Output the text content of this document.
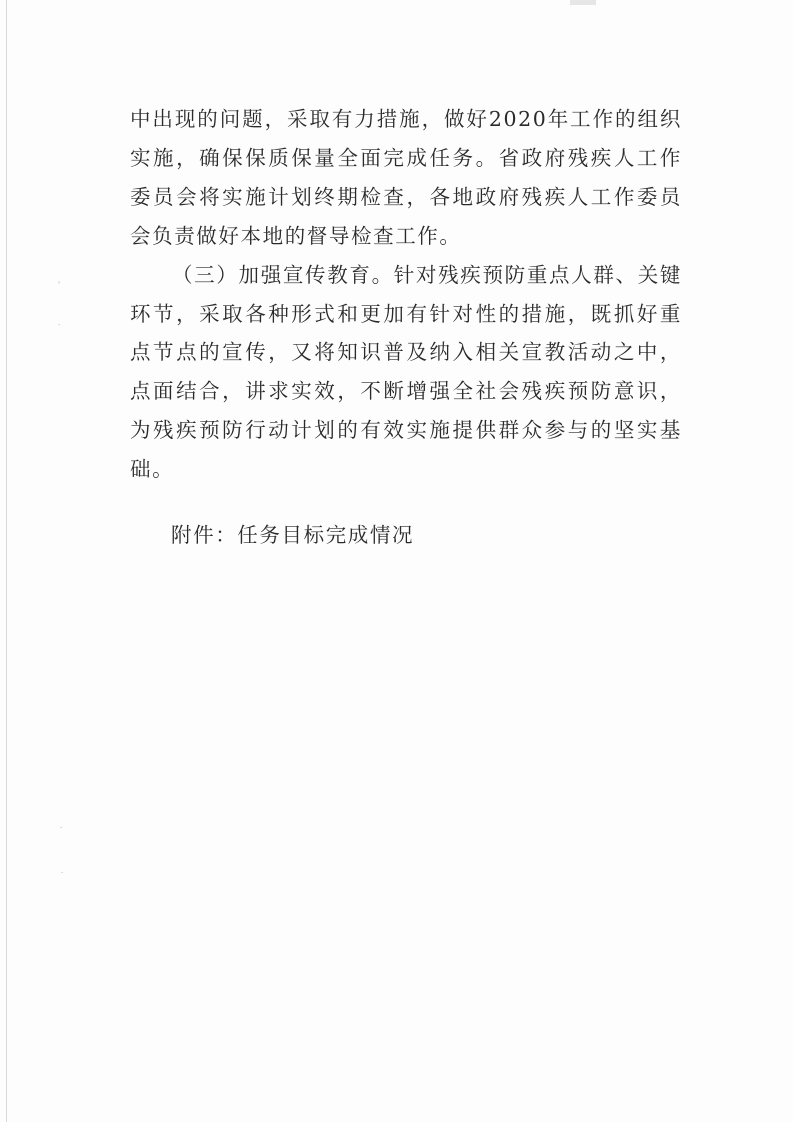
◦
·
·
·

中出现的问题，采取有力措施，做好2020年工作的组织实施，确保保质保量全面完成任务。省政府残疾人工作委员会将实施计划终期检查，各地政府残疾人工作委员会负责做好本地的督导检查工作。

（三）加强宣传教育。针对残疾预防重点人群、关键环节，采取各种形式和更加有针对性的措施，既抓好重点节点的宣传，又将知识普及纳入相关宣教活动之中，点面结合，讲求实效，不断增强全社会残疾预防意识，为残疾预防行动计划的有效实施提供群众参与的坚实基础。

附件：任务目标完成情况
